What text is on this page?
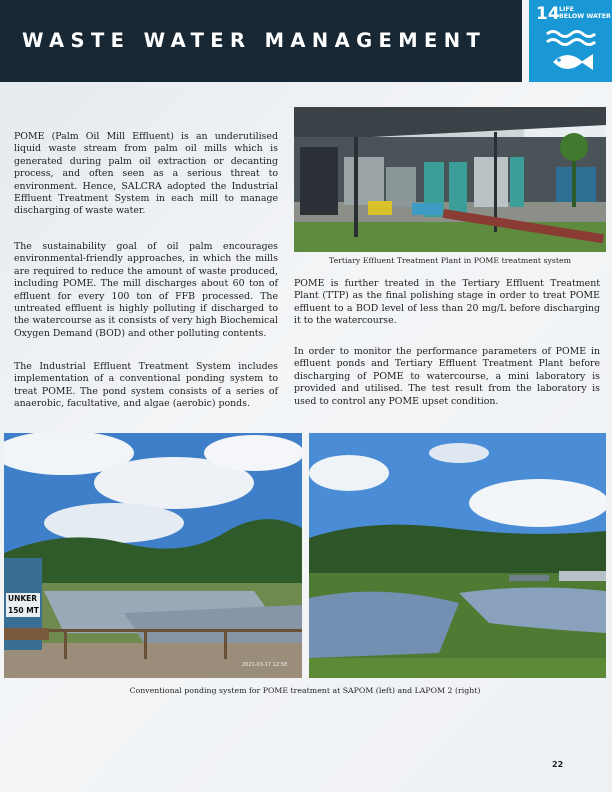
WASTE WATER MANAGEMENT
14 LIFE
BELOW WATER

POME (Palm Oil Mill Effluent) is an underutilised liquid waste stream from palm oil mills which is generated during palm oil extraction or decanting process, and often seen as a serious threat to environment. Hence, SALCRA adopted the Industrial Effluent Treatment System in each mill to manage discharging of waste water.

The sustainability goal of oil palm encourages environmental-friendly approaches, in which the mills are required to reduce the amount of waste produced, including POME. The mill discharges about 60 ton of effluent for every 100 ton of FFB processed. The untreated effluent is highly polluting if discharged to the watercourse as it consists of very high Biochemical Oxygen Demand (BOD) and other polluting contents.

The Industrial Effluent Treatment System includes implementation of a conventional ponding system to treat POME. The pond system consists of a series of anaerobic, facultative, and algae (aerobic) ponds.

Tertiary Effluent Treatment Plant in POME treatment system

POME is further treated in the Tertiary Effluent Treatment Plant (TTP) as the final polishing stage in order to treat POME effluent to a BOD level of less than 20 mg/L before discharging it to the watercourse.

In order to monitor the performance parameters of POME in effluent ponds and Tertiary Effluent Treatment Plant before discharging of POME to watercourse, a mini laboratory is provided and utilised. The test result from the laboratory is used to control any POME upset condition.

UNKER
150 MT
2021-03-17 12:58
Conventional ponding system for POME treatment at SAPOM (left) and LAPOM 2 (right)
22
